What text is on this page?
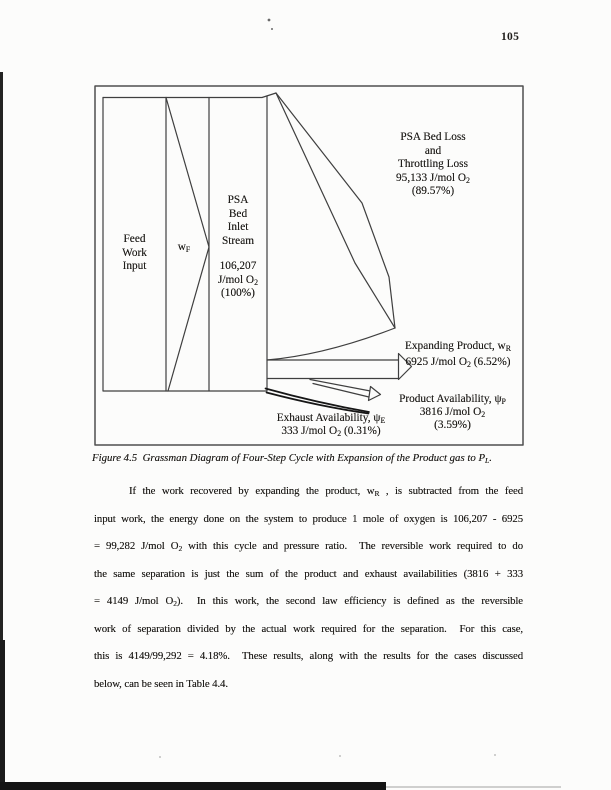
105
Feed
Work
Input
$w_F$
PSA
Bed
Inlet
Stream
106,207
J/mol $O_2$
(100%)
PSA Bed Loss
and
Throttling Loss
95,133 J/mol $O_2$
(89.57%)
Expanding Product, $w_R$
6925 J/mol $O_2$ (6.52%)
Product Availability, $\psi_P$
3816 J/mol $O_2$
(3.59%)
Exhaust Availability, $\psi_E$
333 J/mol $O_2$ (0.31%)
Figure 4.5  Grassman Diagram of Four-Step Cycle with Expansion of the Product gas to $P_L$.
If the work recovered by expanding the product, $w_R$ , is subtracted from the feed
input work, the energy done on the system to produce 1 mole of oxygen is 106,207 - 6925
= 99,282 J/mol $O_2$ with this cycle and pressure ratio.  The reversible work required to do
the same separation is just the sum of the product and exhaust availabilities (3816 + 333
= 4149 J/mol $O_2$).  In this work, the second law efficiency is defined as the reversible
work of separation divided by the actual work required for the separation.  For this case,
this is 4149/99,292 = 4.18%.  These results, along with the results for the cases discussed
below, can be seen in Table 4.4.
